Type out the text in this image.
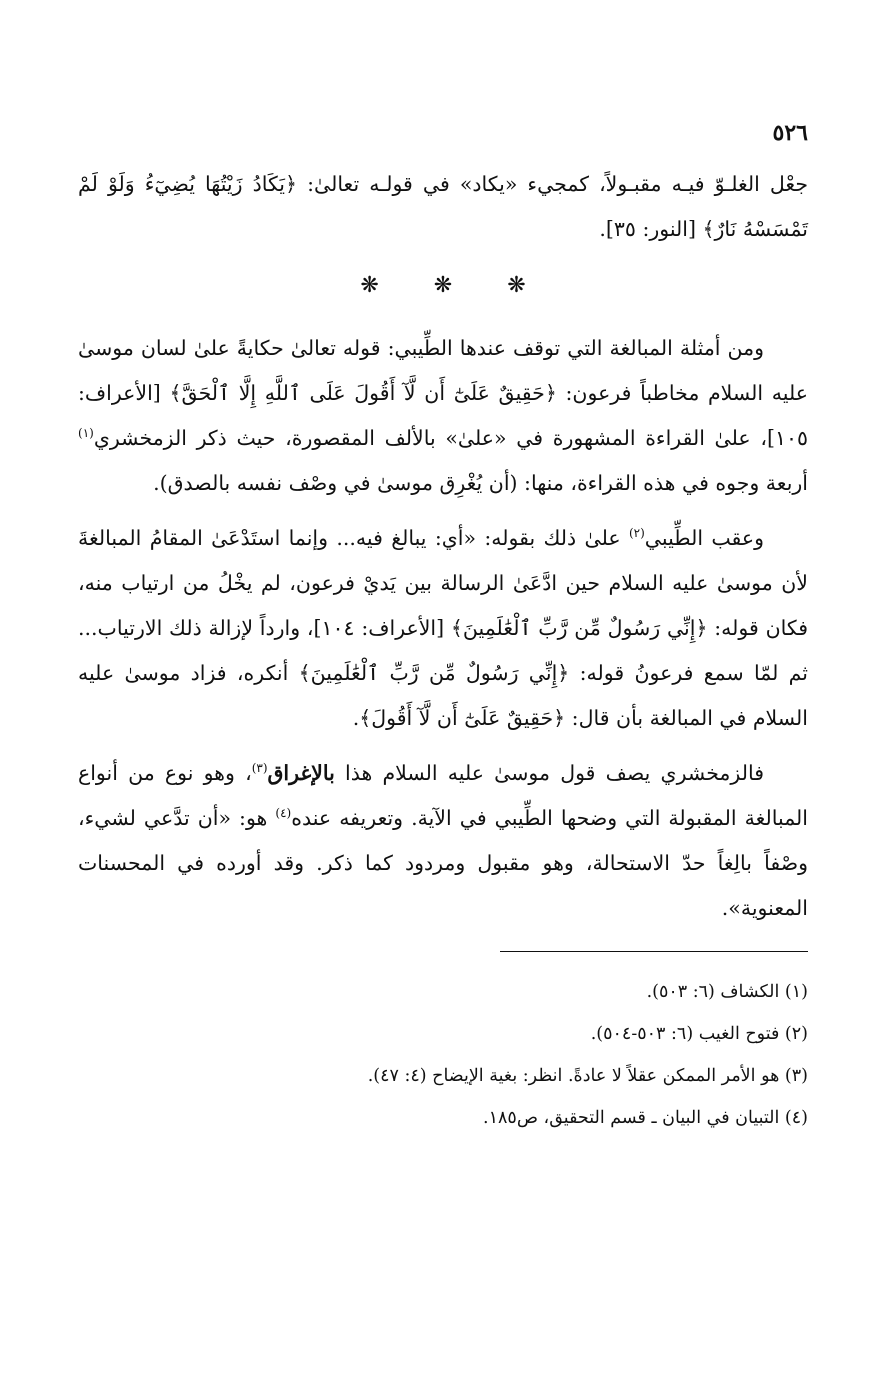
٥٢٦

جعْل الغلـوّ فيـه مقبـولاً، كمجيء «يكاد» في قولـه تعالىٰ: ﴿يَكَادُ زَيْتُهَا يُضِيٓءُ وَلَوْ لَمْ تَمْسَسْهُ نَارٌ﴾ [النور: ٣٥].

❋ ❋ ❋

ومن أمثلة المبالغة التي توقف عندها الطِّيبي: قوله تعالىٰ حكايةً علىٰ لسان موسىٰ عليه السلام مخاطباً فرعون: ﴿حَقِيقٌ عَلَىٰٓ أَن لَّآ أَقُولَ عَلَى ٱللَّهِ إِلَّا ٱلْحَقَّ﴾ [الأعراف: ١٠٥]، علىٰ القراءة المشهورة في «علىٰ» بالألف المقصورة، حيث ذكر الزمخشري$^{(١)}$ أربعة وجوه في هذه القراءة، منها: (أن يُغْرِق موسىٰ في وصْف نفسه بالصدق).

وعقب الطِّيبي$^{(٢)}$ علىٰ ذلك بقوله: «أي: يبالغ فيه... وإنما استَدْعَىٰ المقامُ المبالغةَ لأن موسىٰ عليه السلام حين ادَّعَىٰ الرسالة بين يَديْ فرعون، لم يخْلُ من ارتياب منه، فكان قوله: ﴿إِنِّي رَسُولٌ مِّن رَّبِّ ٱلْعَٰلَمِينَ﴾ [الأعراف: ١٠٤]، وارداً لإزالة ذلك الارتياب... ثم لمّا سمع فرعونُ قوله: ﴿إِنِّي رَسُولٌ مِّن رَّبِّ ٱلْعَٰلَمِينَ﴾ أنكره، فزاد موسىٰ عليه السلام في المبالغة بأن قال: ﴿حَقِيقٌ عَلَىٰٓ أَن لَّآ أَقُولَ﴾.

فالزمخشري يصف قول موسىٰ عليه السلام هذا بالإغراق$^{(٣)}$، وهو نوع من أنواع المبالغة المقبولة التي وضحها الطِّيبي في الآية. وتعريفه عنده$^{(٤)}$ هو: «أن تدَّعي لشيء، وصْفاً بالِغاً حدّ الاستحالة، وهو مقبول ومردود كما ذكر. وقد أورده في المحسنات المعنوية».

(١) الكشاف (٦: ٥٠٣).
(٢) فتوح الغيب (٦: ٥٠٣-٥٠٤).
(٣) هو الأمر الممكن عقلاً لا عادةً. انظر: بغية الإيضاح (٤: ٤٧).
(٤) التبيان في البيان ـ قسم التحقيق، ص١٨٥.
